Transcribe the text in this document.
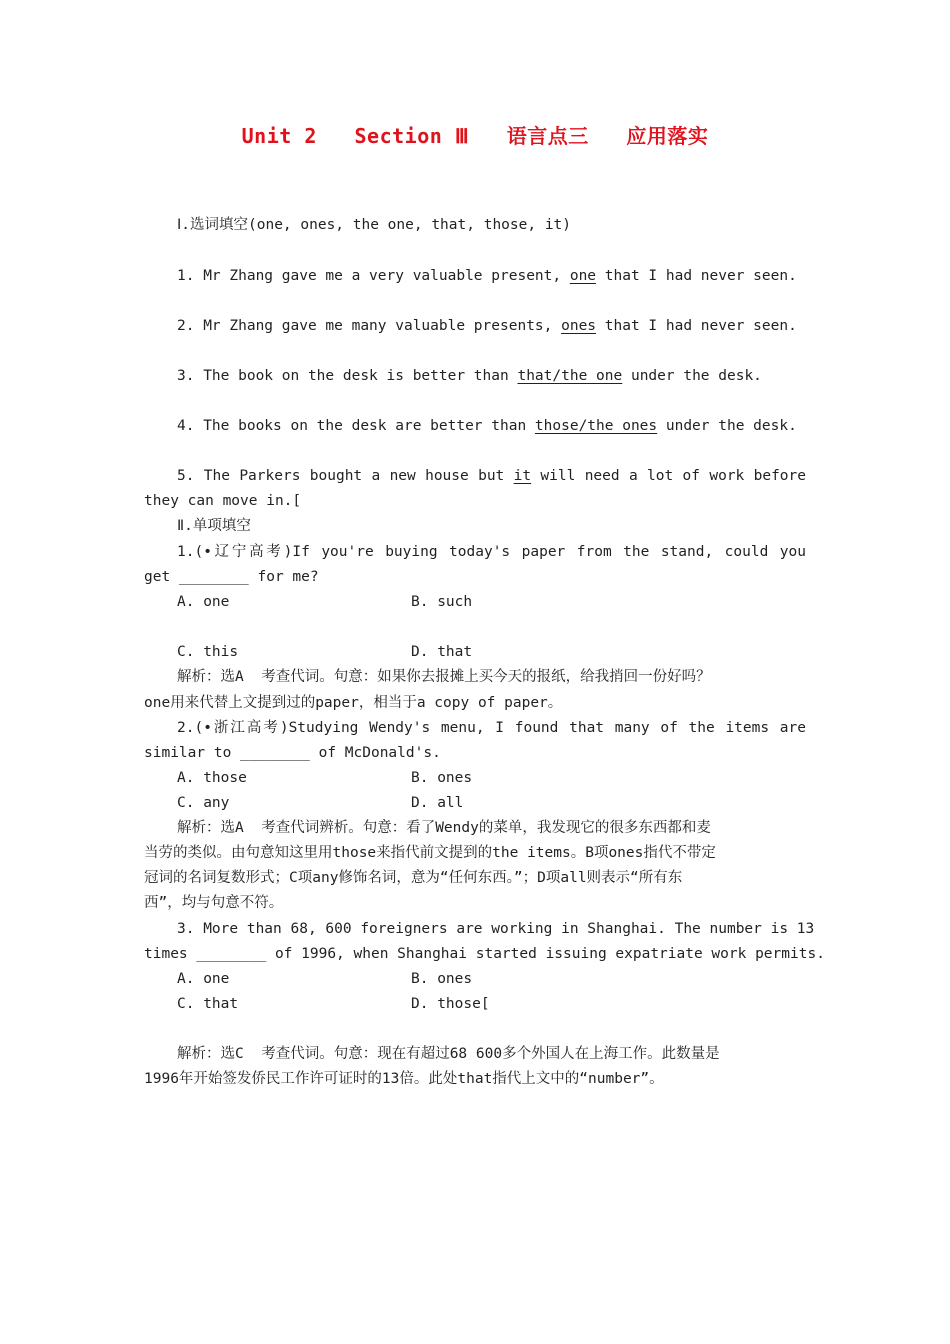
Unit 2   Section Ⅲ   语言点三   应用落实
Ⅰ.选词填空(one, ones, the one, that, those, it)
1. Mr Zhang gave me a very valuable present, one that I had never seen.
2. Mr Zhang gave me many valuable presents, ones that I had never seen.
3. The book on the desk is better than that/the one under the desk.
4. The books on the desk are better than those/the ones under the desk.
5. The Parkers bought a new house but it will need a lot of work before
they can move in.[
Ⅱ.单项填空
1.(•辽宁高考)If you're buying today's paper from the stand, could you
get ________ for me?
A. one	B. such
C. this	D. that
解析：选A  考查代词。句意：如果你去报摊上买今天的报纸，给我捎回一份好吗？
one用来代替上文提到过的paper，相当于a copy of paper。
2.(•浙江高考)Studying Wendy's menu, I found that many of the items are
similar to ________ of McDonald's.
A. those	B. ones
C. any	D. all
解析：选A  考查代词辨析。句意：看了Wendy的菜单，我发现它的很多东西都和麦
当劳的类似。由句意知这里用those来指代前文提到的the items。B项ones指代不带定
冠词的名词复数形式；C项any修饰名词，意为“任何东西。”；D项all则表示“所有东
西”，均与句意不符。
3. More than 68, 600 foreigners are working in Shanghai. The number is 13
times ________ of 1996, when Shanghai started issuing expatriate work permits.
A. one	B. ones
C. that	D. those[
解析：选C  考查代词。句意：现在有超过68 600多个外国人在上海工作。此数量是
1996年开始签发侨民工作许可证时的13倍。此处that指代上文中的“number”。
